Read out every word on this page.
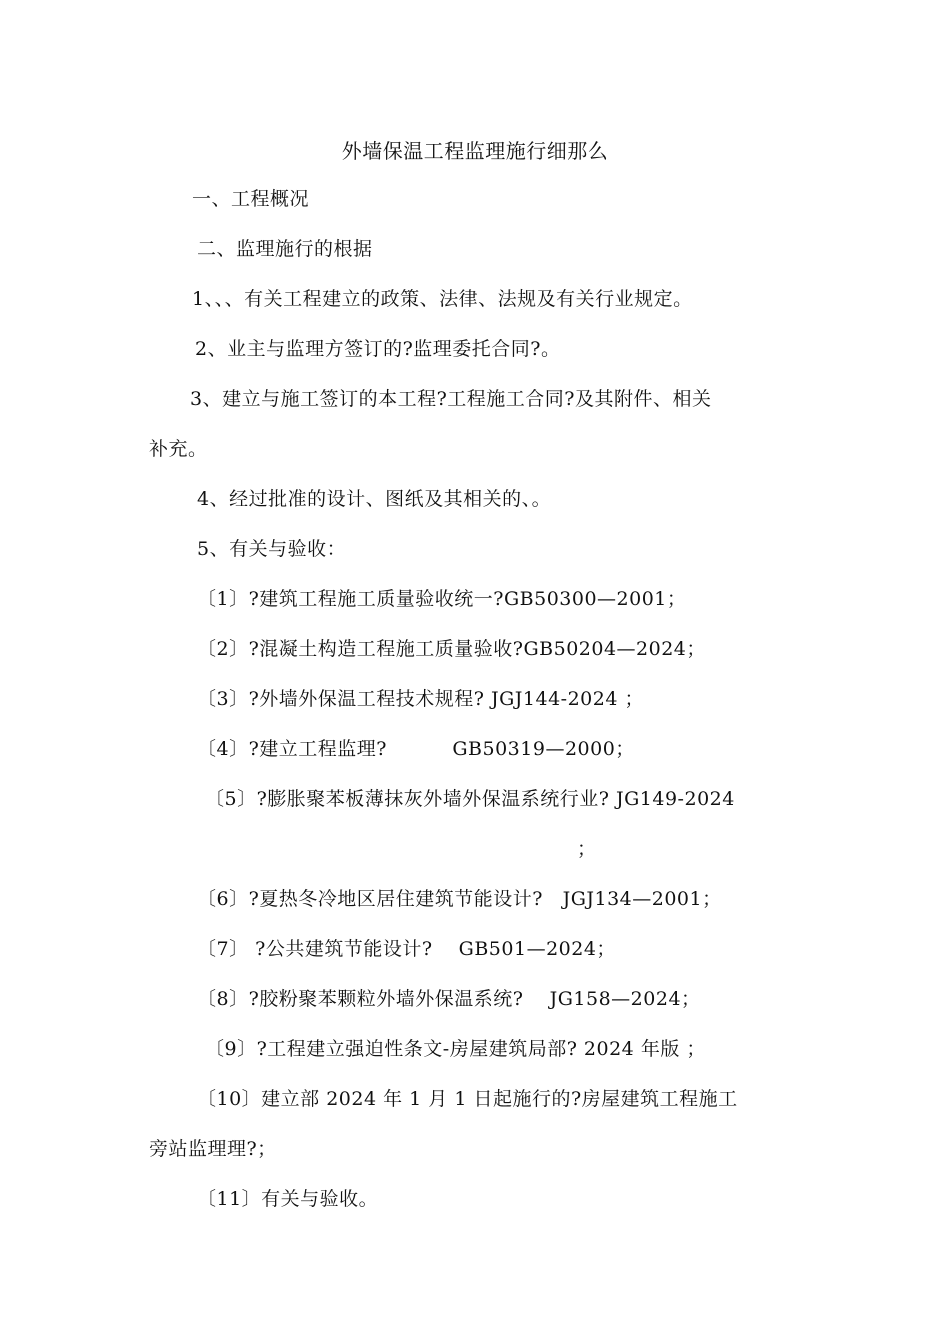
外墙保温工程监理施行细那么
一、工程概况
二、监理施行的根据
1、、、有关工程建立的政策、法律、法规及有关行业规定。
2、业主与监理方签订的?监理委托合同?。
3、建立与施工签订的本工程?工程施工合同?及其附件、相关
补充。
4、经过批准的设计、图纸及其相关的、。
5、有关与验收：
〔1〕?建筑工程施工质量验收统一?GB50300—2001；
〔2〕?混凝土构造工程施工质量验收?GB50204—2024；
〔3〕?外墙外保温工程技术规程? JGJ144-2024 ；
〔4〕?建立工程监理?          GB50319—2000；
〔5〕?膨胀聚苯板薄抹灰外墙外保温系统行业? JG149-2024
；
〔6〕?夏热冬冷地区居住建筑节能设计?   JGJ134—2001；
〔7〕 ?公共建筑节能设计?    GB501—2024；
〔8〕?胶粉聚苯颗粒外墙外保温系统?    JG158—2024；
〔9〕?工程建立强迫性条文-房屋建筑局部? 2024 年版 ；
〔10〕建立部 2024 年 1 月 1 日起施行的?房屋建筑工程施工
旁站监理理?；
〔11〕有关与验收。
